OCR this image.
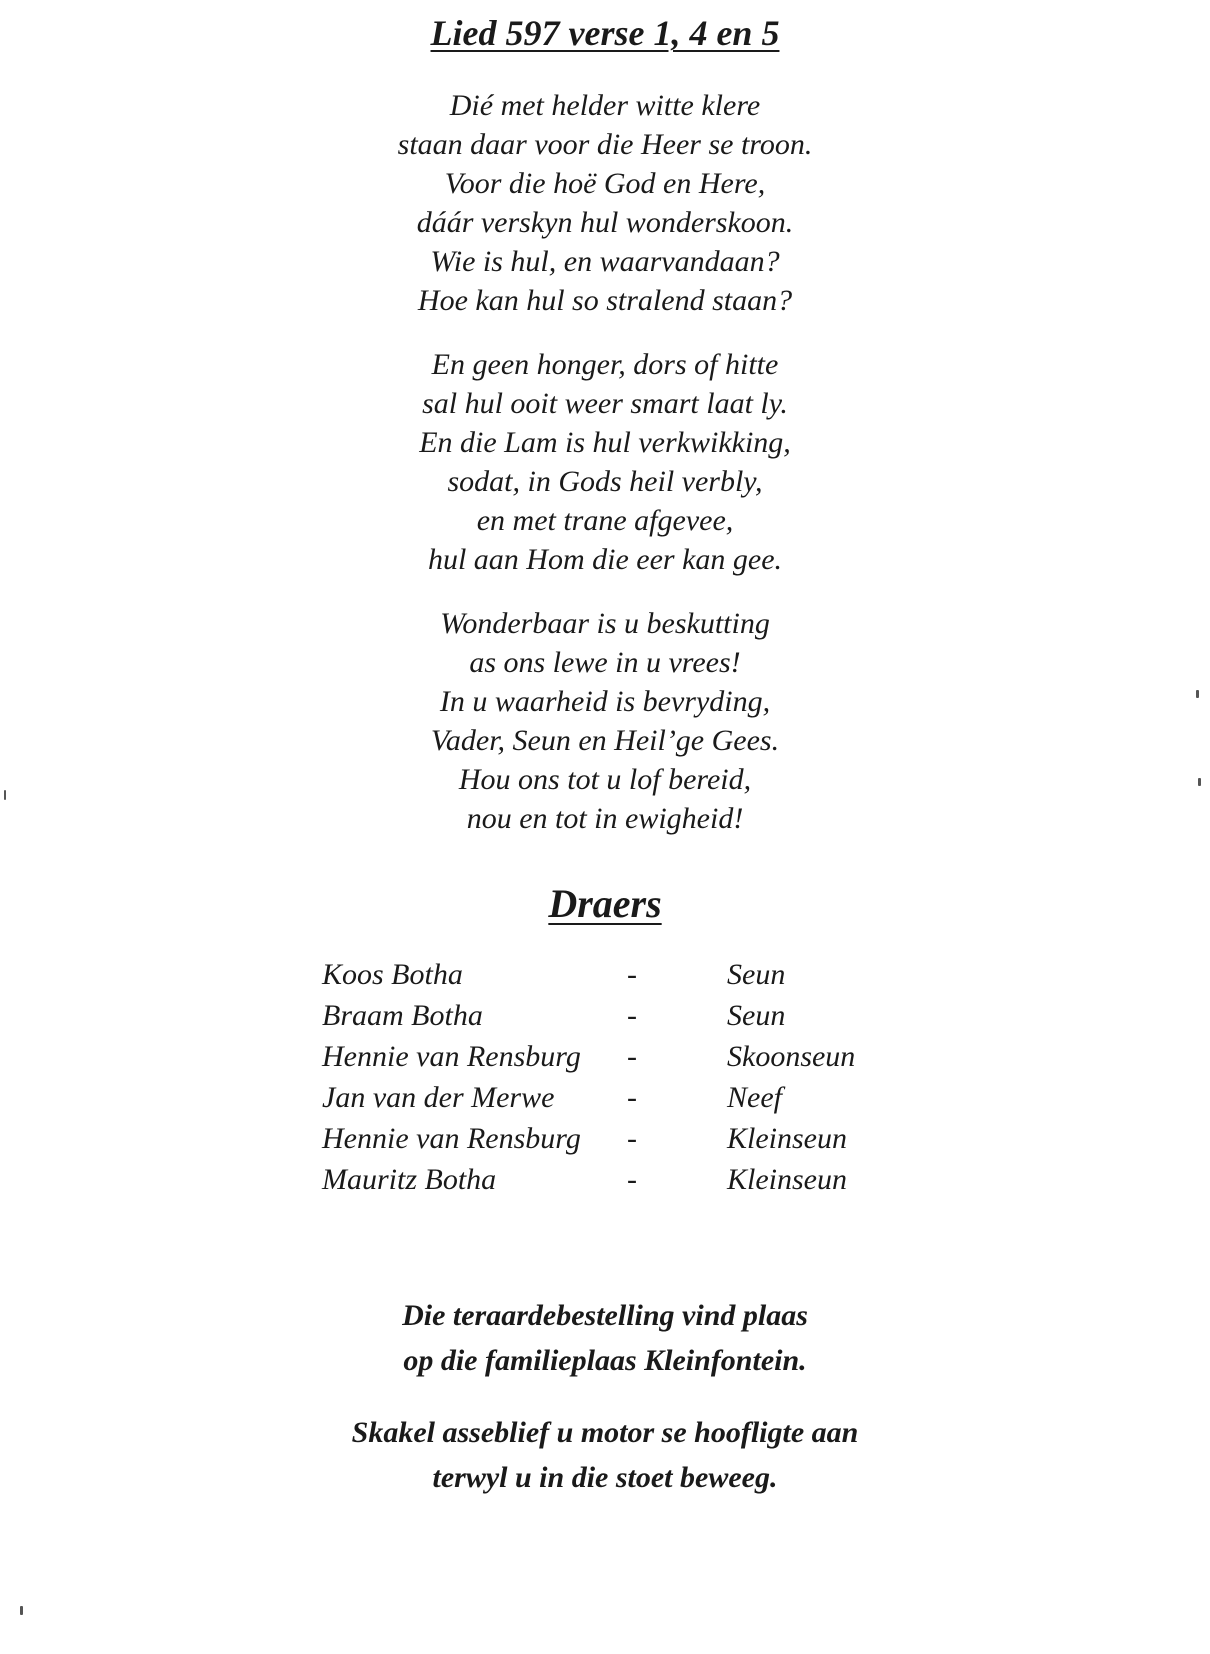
Lied 597 verse 1, 4 en 5
Dié met helder witte klere
staan daar voor die Heer se troon.
Voor die hoë God en Here,
dáár verskyn hul wonderskoon.
Wie is hul, en waarvandaan?
Hoe kan hul so stralend staan?
En geen honger, dors of hitte
sal hul ooit weer smart laat ly.
En die Lam is hul verkwikking,
sodat, in Gods heil verbly,
en met trane afgevee,
hul aan Hom die eer kan gee.
Wonderbaar is u beskutting
as ons lewe in u vrees!
In u waarheid is bevryding,
Vader, Seun en Heil’ge Gees.
Hou ons tot u lof bereid,
nou en tot in ewigheid!
Draers
Koos Botha	-	Seun
Braam Botha	-	Seun
Hennie van Rensburg -	Skoonseun
Jan van der Merwe -	Neef
Hennie van Rensburg -	Kleinseun
Mauritz Botha	-	Kleinseun
Die teraardebestelling vind plaas
op die familieplaas Kleinfontein.
Skakel asseblief u motor se hoofligte aan
terwyl u in die stoet beweeg.
